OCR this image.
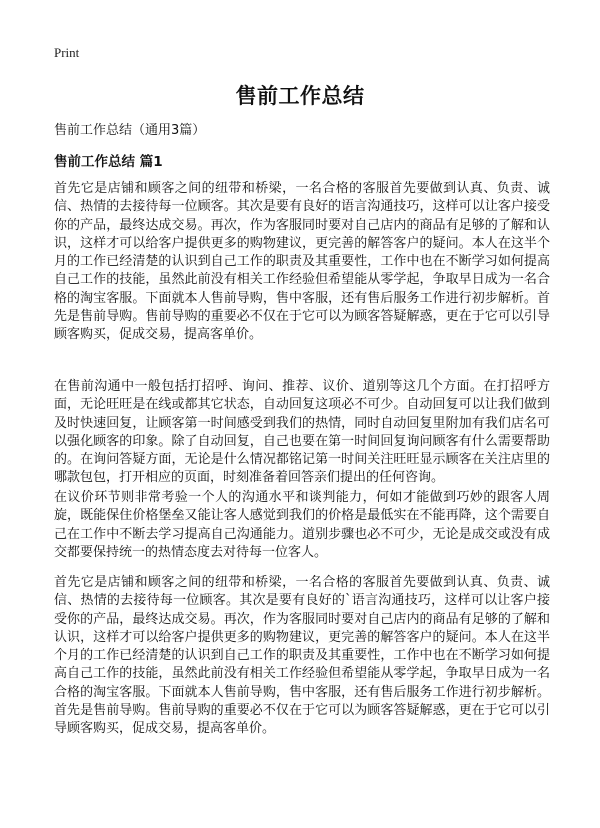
Print
售前工作总结
售前工作总结（通用3篇）
售前工作总结 篇1

首先它是店铺和顾客之间的纽带和桥梁，一名合格的客服首先要做到认真、负责、诚信、热情的去接待每一位顾客。其次是要有良好的语言沟通技巧，这样可以让客户接受你的产品，最终达成交易。再次，作为客服同时要对自己店内的商品有足够的了解和认识，这样才可以给客户提供更多的购物建议，更完善的解答客户的疑问。本人在这半个月的工作已经清楚的认识到自己工作的职责及其重要性，工作中也在不断学习如何提高自己工作的技能，虽然此前没有相关工作经验但希望能从零学起，争取早日成为一名合格的淘宝客服。下面就本人售前导购，售中客服，还有售后服务工作进行初步解析。首先是售前导购。售前导购的重要必不仅在于它可以为顾客答疑解惑，更在于它可以引导顾客购买，促成交易，提高客单价。

在售前沟通中一般包括打招呼、询问、推荐、议价、道别等这几个方面。在打招呼方面，无论旺旺是在线或都其它状态，自动回复这项必不可少。自动回复可以让我们做到及时快速回复，让顾客第一时间感受到我们的热情，同时自动回复里附加有我们店名可以强化顾客的印象。除了自动回复，自己也要在第一时间回复询问顾客有什么需要帮助的。在询问答疑方面，无论是什么情况都铭记第一时间关注旺旺显示顾客在关注店里的哪款包包，打开相应的页面，时刻准备着回答亲们提出的任何咨询。

在议价环节则非常考验一个人的沟通水平和谈判能力，何如才能做到巧妙的跟客人周旋，既能保住价格堡垒又能让客人感觉到我们的价格是最低实在不能再降，这个需要自己在工作中不断去学习提高自己沟通能力。道别步骤也必不可少，无论是成交或没有成交都要保持统一的热情态度去对待每一位客人。

首先它是店铺和顾客之间的纽带和桥梁，一名合格的客服首先要做到认真、负责、诚信、热情的去接待每一位顾客。其次是要有良好的`语言沟通技巧，这样可以让客户接受你的产品，最终达成交易。再次，作为客服同时要对自己店内的商品有足够的了解和认识，这样才可以给客户提供更多的购物建议，更完善的解答客户的疑问。本人在这半个月的工作已经清楚的认识到自己工作的职责及其重要性，工作中也在不断学习如何提高自己工作的技能，虽然此前没有相关工作经验但希望能从零学起，争取早日成为一名合格的淘宝客服。下面就本人售前导购，售中客服，还有售后服务工作进行初步解析。首先是售前导购。售前导购的重要必不仅在于它可以为顾客答疑解惑，更在于它可以引导顾客购买，促成交易，提高客单价。
